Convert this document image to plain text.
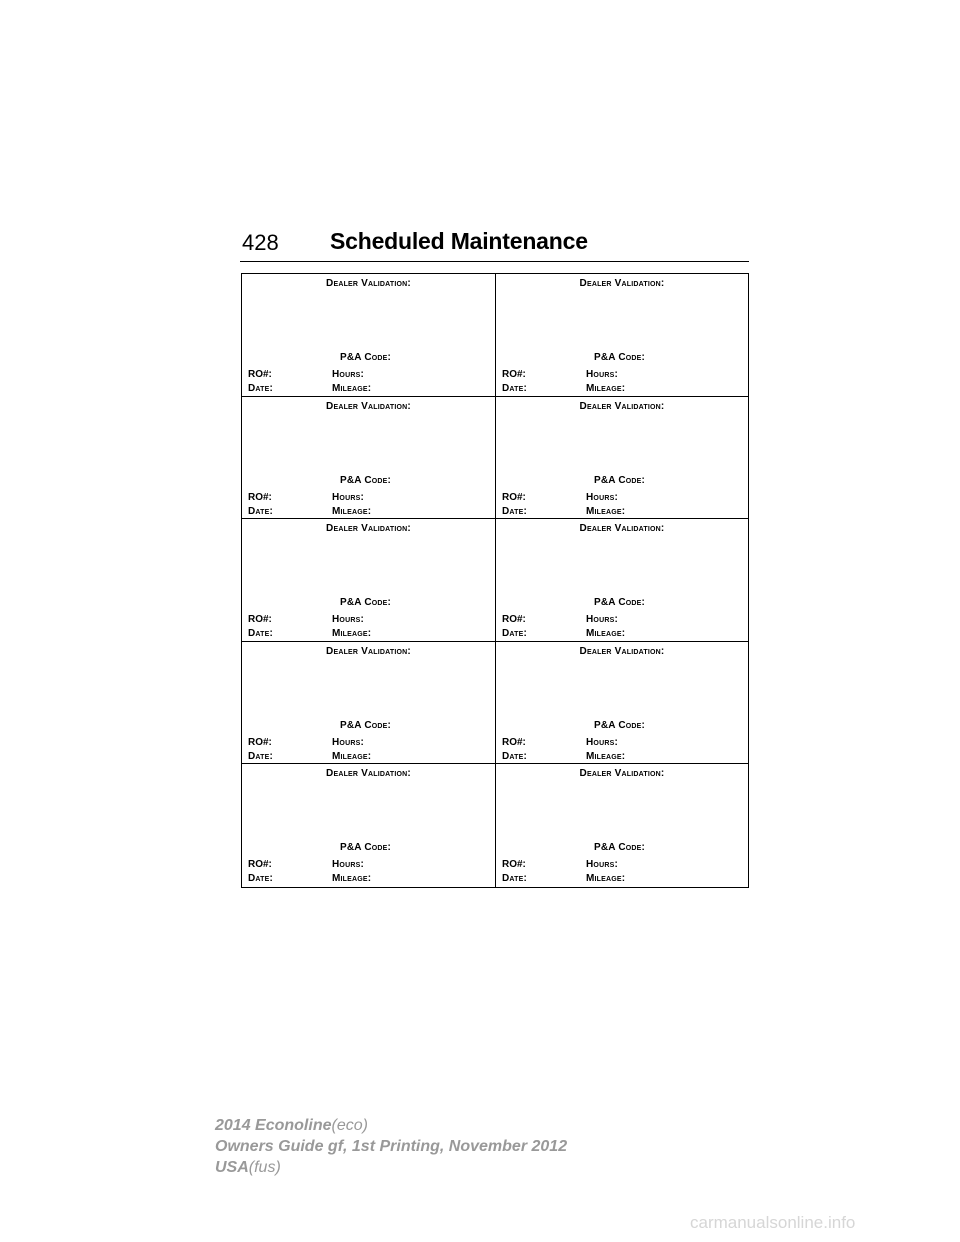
428 Scheduled Maintenance
Dealer Validation:
P&A Code:
RO#:	Hours:
Date:	Mileage:
Dealer Validation:
P&A Code:
RO#:	Hours:
Date:	Mileage:
Dealer Validation:
P&A Code:
RO#:	Hours:
Date:	Mileage:
Dealer Validation:
P&A Code:
RO#:	Hours:
Date:	Mileage:
Dealer Validation:
P&A Code:
RO#:	Hours:
Date:	Mileage:
Dealer Validation:
P&A Code:
RO#:	Hours:
Date:	Mileage:
Dealer Validation:
P&A Code:
RO#:	Hours:
Date:	Mileage:
Dealer Validation:
P&A Code:
RO#:	Hours:
Date:	Mileage:
Dealer Validation:
P&A Code:
RO#:	Hours:
Date:	Mileage:
Dealer Validation:
P&A Code:
RO#:	Hours:
Date:	Mileage:
2014 Econoline(eco)
Owners Guide gf, 1st Printing, November 2012
USA(fus)
carmanualsonline.info
